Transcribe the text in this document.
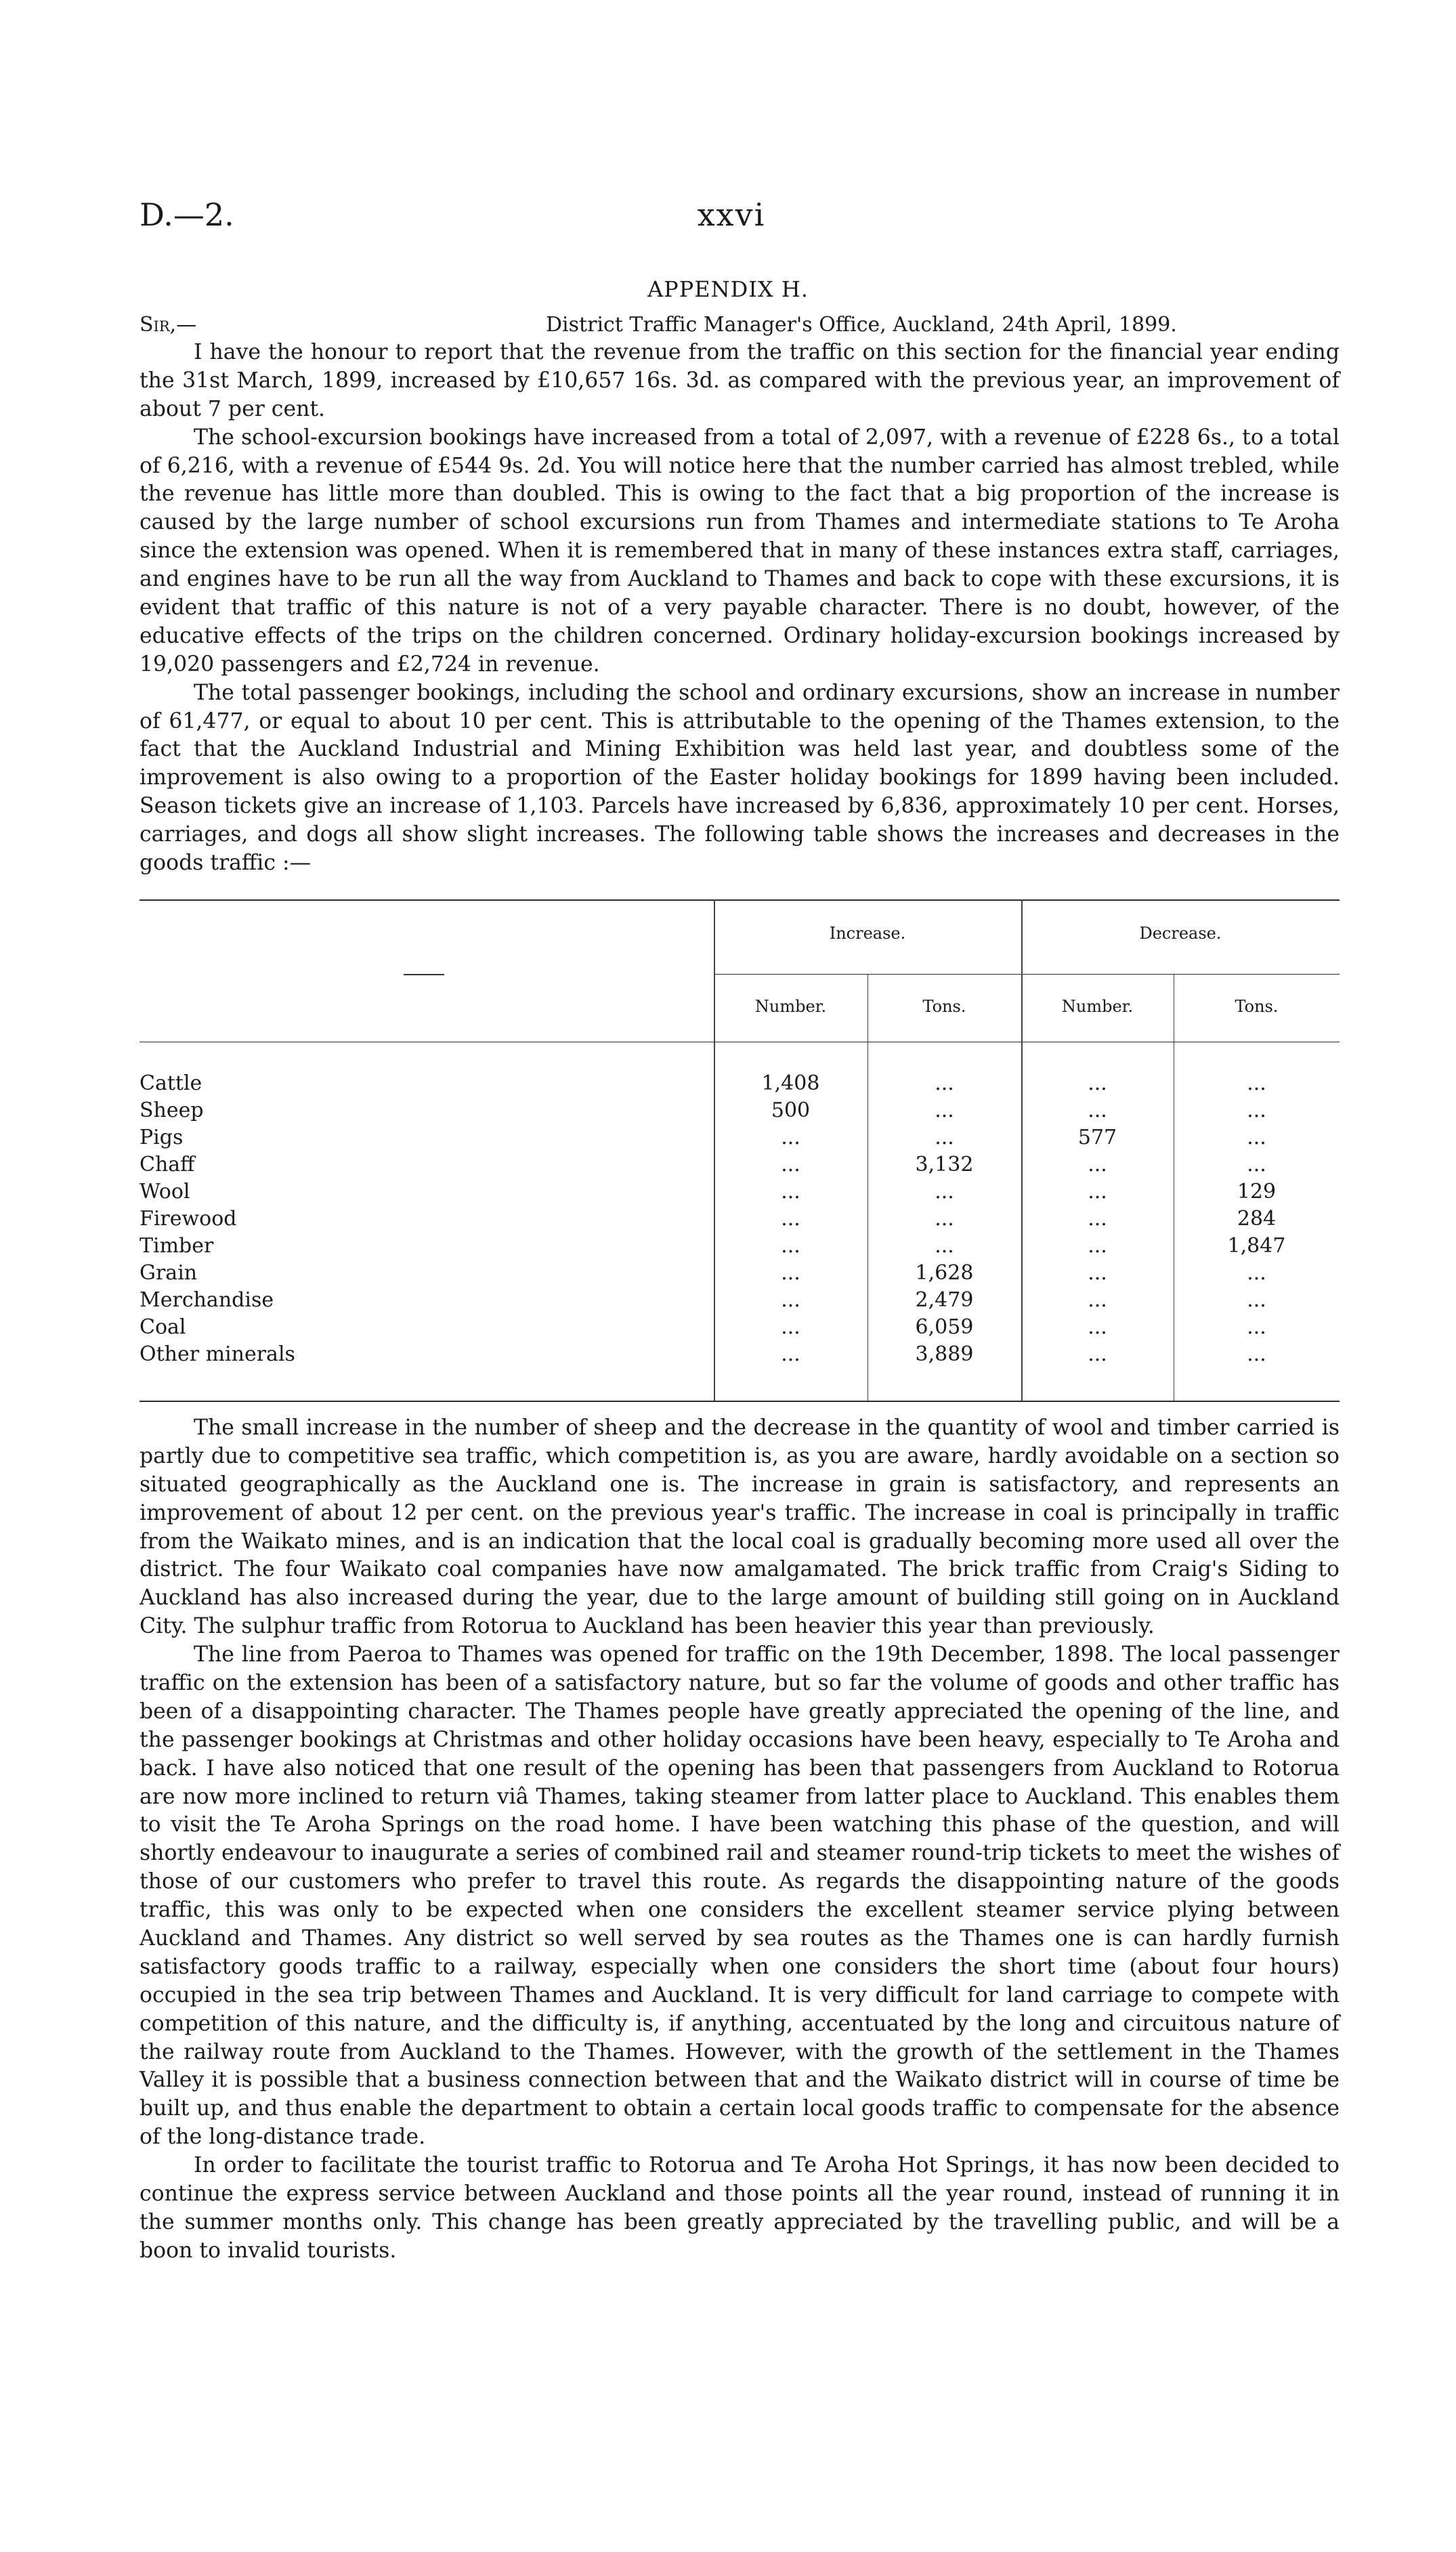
D.—2.	xxvi
APPENDIX H.
Sir,—	District Traffic Manager's Office, Auckland, 24th April, 1899.

I have the honour to report that the revenue from the traffic on this section for the financial year ending the 31st March, 1899, increased by £10,657 16s. 3d. as compared with the previous year, an improvement of about 7 per cent.

The school-excursion bookings have increased from a total of 2,097, with a revenue of £228 6s., to a total of 6,216, with a revenue of £544 9s. 2d. You will notice here that the number carried has almost trebled, while the revenue has little more than doubled. This is owing to the fact that a big proportion of the increase is caused by the large number of school excursions run from Thames and intermediate stations to Te Aroha since the extension was opened. When it is remembered that in many of these instances extra staff, carriages, and engines have to be run all the way from Auckland to Thames and back to cope with these excursions, it is evident that traffic of this nature is not of a very payable character. There is no doubt, however, of the educative effects of the trips on the children concerned. Ordinary holiday-excursion bookings increased by 19,020 passengers and £2,724 in revenue.

The total passenger bookings, including the school and ordinary excursions, show an increase in number of 61,477, or equal to about 10 per cent. This is attributable to the opening of the Thames extension, to the fact that the Auckland Industrial and Mining Exhibition was held last year, and doubtless some of the improvement is also owing to a proportion of the Easter holiday bookings for 1899 having been included. Season tickets give an increase of 1,103. Parcels have increased by 6,836, approximately 10 per cent. Horses, carriages, and dogs all show slight increases. The following table shows the increases and decreases in the goods traffic :—

Increase.	Decrease.
Number.	Tons.	Number.	Tons.
Cattle	1,408	...	...	...
Sheep	500	...	...	...
Pigs	...	...	577	...
Chaff	...	3,132	...	...
Wool	...	...	...	129
Firewood	...	...	...	284
Timber	...	...	...	1,847
Grain	...	1,628	...	...
Merchandise	...	2,479	...	...
Coal	...	6,059	...	...
Other minerals	...	3,889	...	...

The small increase in the number of sheep and the decrease in the quantity of wool and timber carried is partly due to competitive sea traffic, which competition is, as you are aware, hardly avoidable on a section so situated geographically as the Auckland one is. The increase in grain is satisfactory, and represents an improvement of about 12 per cent. on the previous year's traffic. The increase in coal is principally in traffic from the Waikato mines, and is an indication that the local coal is gradually becoming more used all over the district. The four Waikato coal companies have now amalgamated. The brick traffic from Craig's Siding to Auckland has also increased during the year, due to the large amount of building still going on in Auckland City. The sulphur traffic from Rotorua to Auckland has been heavier this year than previously.

The line from Paeroa to Thames was opened for traffic on the 19th December, 1898. The local passenger traffic on the extension has been of a satisfactory nature, but so far the volume of goods and other traffic has been of a disappointing character. The Thames people have greatly appreciated the opening of the line, and the passenger bookings at Christmas and other holiday occasions have been heavy, especially to Te Aroha and back. I have also noticed that one result of the opening has been that passengers from Auckland to Rotorua are now more inclined to return viâ Thames, taking steamer from latter place to Auckland. This enables them to visit the Te Aroha Springs on the road home. I have been watching this phase of the question, and will shortly endeavour to inaugurate a series of combined rail and steamer round-trip tickets to meet the wishes of those of our customers who prefer to travel this route. As regards the disappointing nature of the goods traffic, this was only to be expected when one considers the excellent steamer service plying between Auckland and Thames. Any district so well served by sea routes as the Thames one is can hardly furnish satisfactory goods traffic to a railway, especially when one considers the short time (about four hours) occupied in the sea trip between Thames and Auckland. It is very difficult for land carriage to compete with competition of this nature, and the difficulty is, if anything, accentuated by the long and circuitous nature of the railway route from Auckland to the Thames. However, with the growth of the settlement in the Thames Valley it is possible that a business connection between that and the Waikato district will in course of time be built up, and thus enable the department to obtain a certain local goods traffic to compensate for the absence of the long-distance trade.

In order to facilitate the tourist traffic to Rotorua and Te Aroha Hot Springs, it has now been decided to continue the express service between Auckland and those points all the year round, instead of running it in the summer months only. This change has been greatly appreciated by the travelling public, and will be a boon to invalid tourists.
